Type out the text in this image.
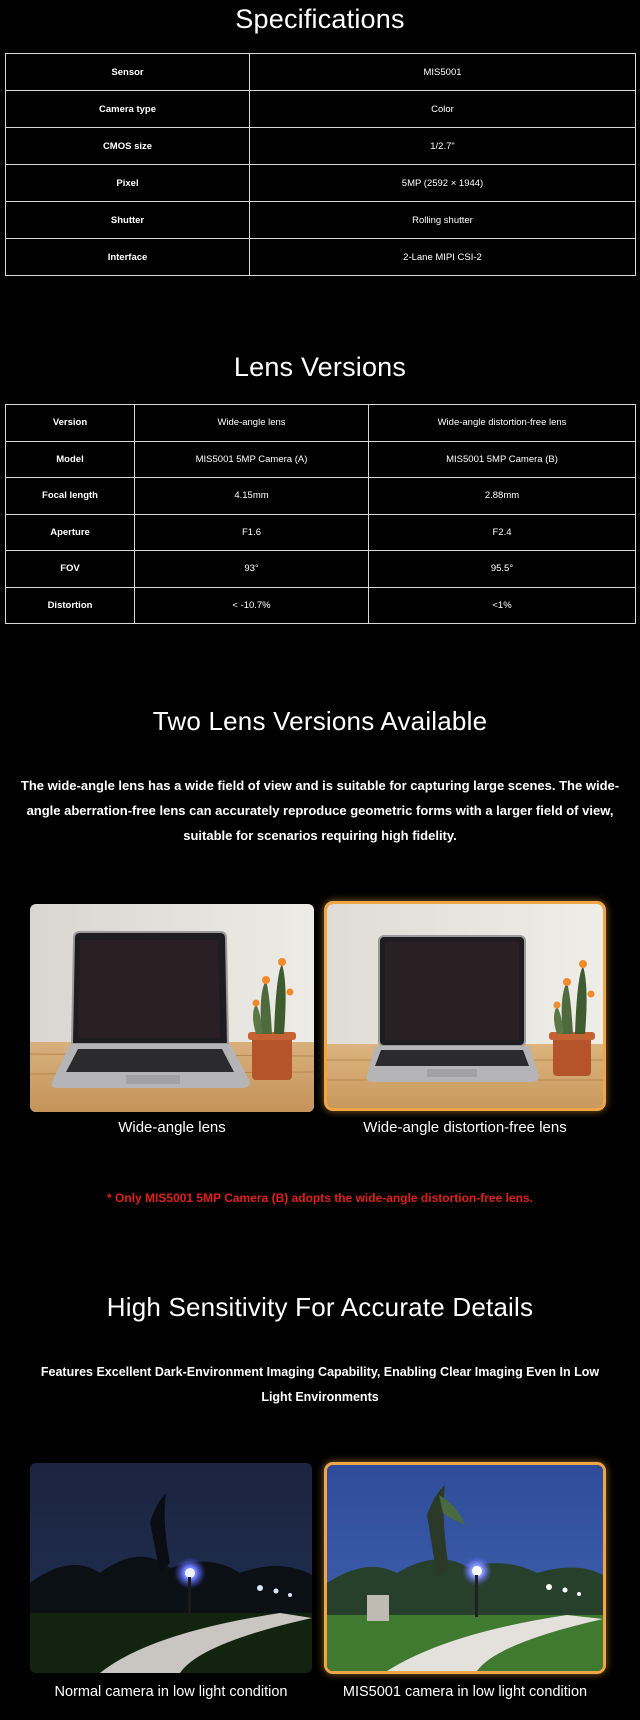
Specifications
Sensor	MIS5001
Camera type	Color
CMOS size	1/2.7"
Pixel	5MP (2592 × 1944)
Shutter	Rolling shutter
Interface	2-Lane MIPI CSI-2
Lens Versions
Version	Wide-angle lens	Wide-angle distortion-free lens
Model	MIS5001 5MP Camera (A)	MIS5001 5MP Camera (B)
Focal length	4.15mm	2.88mm
Aperture	F1.6	F2.4
FOV	93°	95.5°
Distortion	< -10.7%	<1%
Two Lens Versions Available

The wide-angle lens has a wide field of view and is suitable for capturing large scenes. The wide-angle aberration-free lens can accurately reproduce geometric forms with a larger field of view, suitable for scenarios requiring high fidelity.

Wide-angle lens	Wide-angle distortion-free lens

* Only MIS5001 5MP Camera (B) adopts the wide-angle distortion-free lens.

High Sensitivity For Accurate Details

Features Excellent Dark-Environment Imaging Capability, Enabling Clear Imaging Even In Low Light Environments

Normal camera in low light condition	MIS5001 camera in low light condition
